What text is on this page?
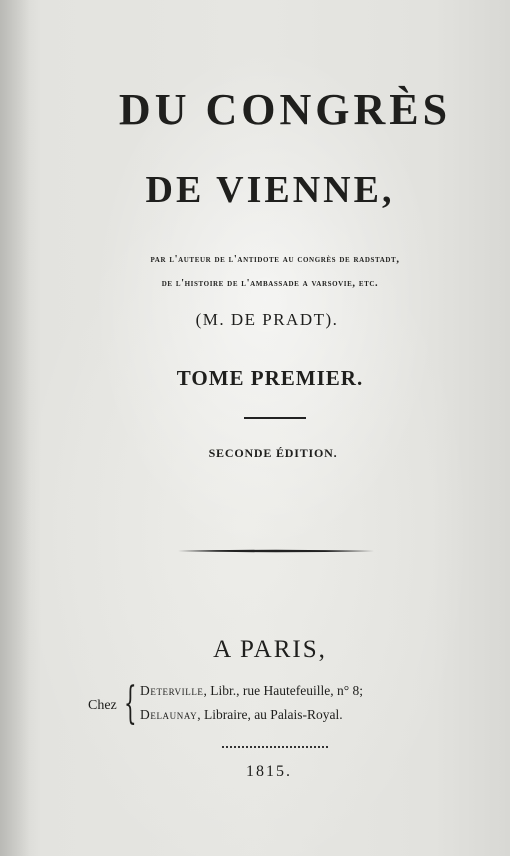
DU CONGRÈS
DE VIENNE,
par l'auteur de l'antidote au congrès de radstadt,
de l'histoire de l'ambassade a varsovie, etc.
(M. DE PRADT).
TOME PREMIER.
SECONDE ÉDITION.
A PARIS,
Chez { Deterville, Libr., rue Hautefeuille, n° 8;
Delaunay, Libraire, au Palais-Royal.
1815.
